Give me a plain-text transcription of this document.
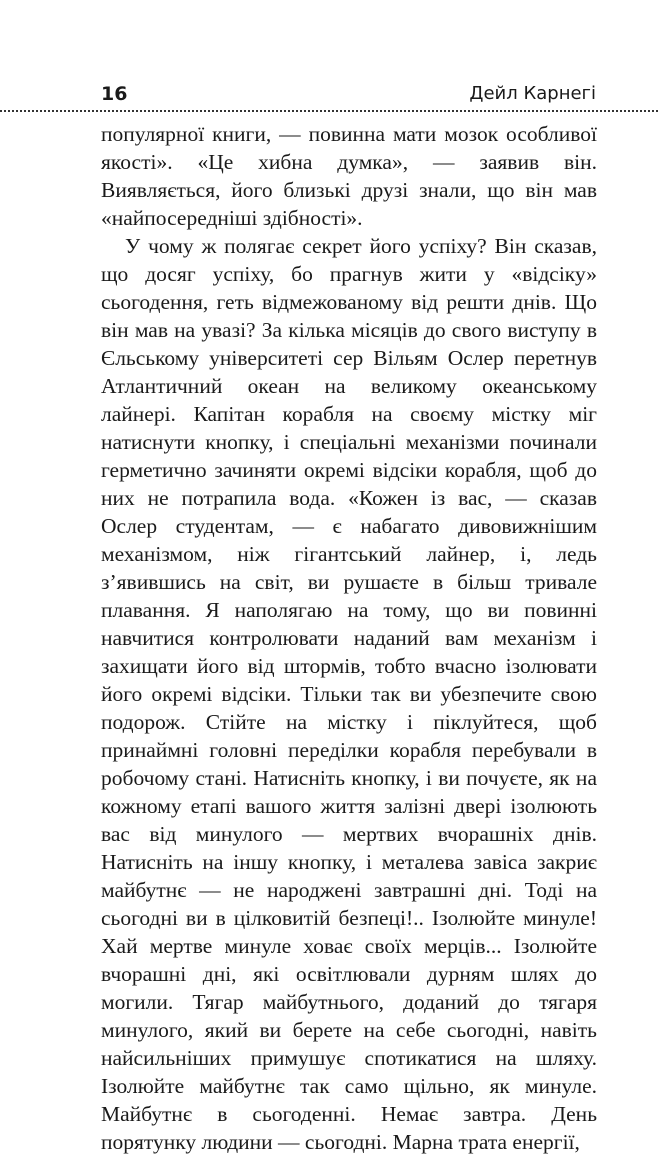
16	Дейл Карнегі

популярної книги, — повинна мати мозок особливої якості». «Це хибна думка», — заявив він. Виявляється, його близькі друзі знали, що він мав «найпосередніші здібності».

У чому ж полягає секрет його успіху? Він сказав, що досяг успіху, бо прагнув жити у «відсіку» сьогодення, геть відмежованому від решти днів. Що він мав на увазі? За кілька місяців до свого виступу в Єльському університеті сер Вільям Ослер перетнув Атлантичний океан на великому океанському лайнері. Капітан корабля на своєму містку міг натиснути кнопку, і спеціальні механізми починали герметично зачиняти окремі відсіки корабля, щоб до них не потрапила вода. «Кожен із вас, — сказав Ослер студентам, — є набагато дивовижнішим механізмом, ніж гігантський лайнер, і, ледь з’явившись на світ, ви рушаєте в більш тривале плавання. Я наполягаю на тому, що ви повинні навчитися контролювати наданий вам механізм і захищати його від штормів, тобто вчасно ізолювати його окремі відсіки. Тільки так ви убезпечите свою подорож. Стійте на містку і піклуйтеся, щоб принаймні головні переділки корабля перебували в робочому стані. Натисніть кнопку, і ви почуєте, як на кожному етапі вашого життя залізні двері ізолюють вас від минулого — мертвих вчорашніх днів. Натисніть на іншу кнопку, і металева завіса закриє майбутнє — не народжені завтрашні дні. Тоді на сьогодні ви в цілковитій безпеці!.. Ізолюйте минуле! Хай мертве минуле ховає своїх мерців... Ізолюйте вчорашні дні, які освітлювали дурням шлях до могили. Тягар майбутнього, доданий до тягаря минулого, який ви берете на себе сьогодні, навіть найсильніших примушує спотикатися на шляху. Ізолюйте майбутнє так само щільно, як минуле. Майбутнє в сьогоденні. Немає завтра. День порятунку людини — сьогодні. Марна трата енергії,
